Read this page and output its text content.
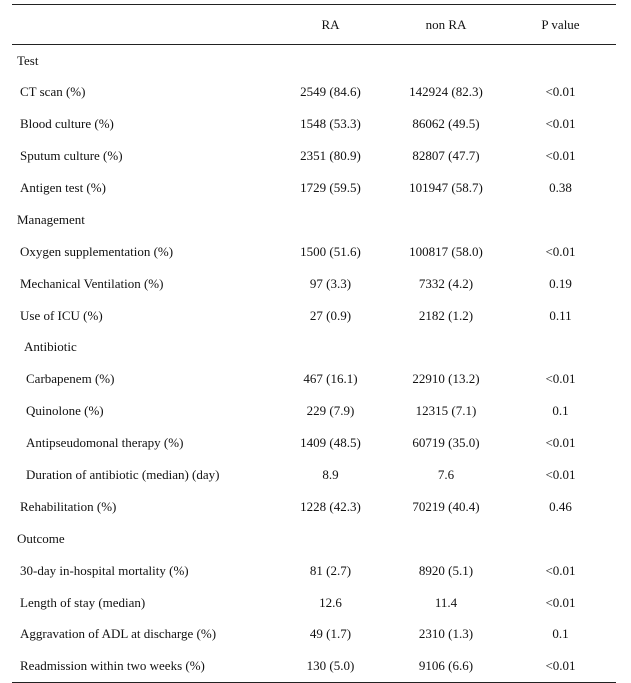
	RA	non RA	P value
Test			
CT scan (%)	2549 (84.6)	142924 (82.3)	<0.01
Blood culture (%)	1548 (53.3)	86062 (49.5)	<0.01
Sputum culture (%)	2351 (80.9)	82807 (47.7)	<0.01
Antigen test (%)	1729 (59.5)	101947 (58.7)	0.38
Management			
Oxygen supplementation (%)	1500 (51.6)	100817 (58.0)	<0.01
Mechanical Ventilation (%)	97 (3.3)	7332 (4.2)	0.19
Use of ICU (%)	27 (0.9)	2182 (1.2)	0.11
Antibiotic			
Carbapenem (%)	467 (16.1)	22910 (13.2)	<0.01
Quinolone (%)	229 (7.9)	12315 (7.1)	0.1
Antipseudomonal therapy (%)	1409 (48.5)	60719 (35.0)	<0.01
Duration of antibiotic (median) (day)	8.9	7.6	<0.01
Rehabilitation (%)	1228 (42.3)	70219 (40.4)	0.46
Outcome			
30-day in-hospital mortality (%)	81 (2.7)	8920 (5.1)	<0.01
Length of stay (median)	12.6	11.4	<0.01
Aggravation of ADL at discharge (%)	49 (1.7)	2310 (1.3)	0.1
Readmission within two weeks (%)	130 (5.0)	9106 (6.6)	<0.01
